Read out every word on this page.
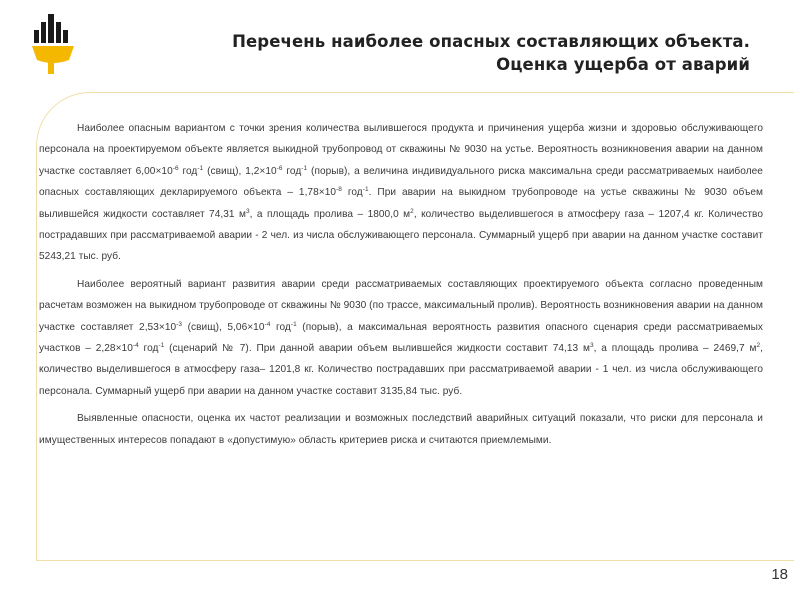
Перечень наиболее опасных составляющих объекта.
Оценка ущерба от аварий

Наиболее опасным вариантом с точки зрения количества вылившегося продукта и причинения ущерба жизни и здоровью обслуживающего персонала на проектируемом объекте является выкидной трубопровод от скважины № 9030 на устье. Вероятность возникновения аварии на данном участке составляет $6,00\times 10^{-6}$ год$^{-1}$ (свищ), $1,2\times 10^{-6}$ год$^{-1}$ (порыв), а величина индивидуального риска максимальна среди рассматриваемых наиболее опасных составляющих декларируемого объекта – $1,78\times 10^{-8}$ год$^{-1}$. При аварии на выкидном трубопроводе на устье скважины № 9030 объем вылившейся жидкости составляет 74,31 $м^3$, а площадь пролива – 1800,0 $м^2$, количество выделившегося в атмосферу газа – 1207,4 кг. Количество пострадавших при рассматриваемой аварии - 2 чел. из числа обслуживающего персонала. Суммарный ущерб при аварии на данном участке составит 5243,21 тыс. руб.

Наиболее вероятный вариант развития аварии среди рассматриваемых составляющих проектируемого объекта согласно проведенным расчетам возможен на выкидном трубопроводе от скважины № 9030 (по трассе, максимальный пролив). Вероятность возникновения аварии на данном участке составляет $2,53\times 10^{-3}$ (свищ), $5,06\times 10^{-4}$ год$^{-1}$ (порыв), а максимальная вероятность развития опасного сценария среди рассматриваемых участков – $2,28\times 10^{-4}$ год$^{-1}$ (сценарий № 7). При данной аварии объем вылившейся жидкости составит 74,13 $м^3$, а площадь пролива – 2469,7 $м^2$, количество выделившегося в атмосферу газа– 1201,8 кг. Количество пострадавших при рассматриваемой аварии - 1 чел. из числа обслуживающего персонала. Суммарный ущерб при аварии на данном участке составит 3135,84 тыс. руб.

Выявленные опасности, оценка их частот реализации и возможных последствий аварийных ситуаций показали, что риски для персонала и имущественных интересов попадают в «допустимую» область критериев риска и считаются приемлемыми.

18
